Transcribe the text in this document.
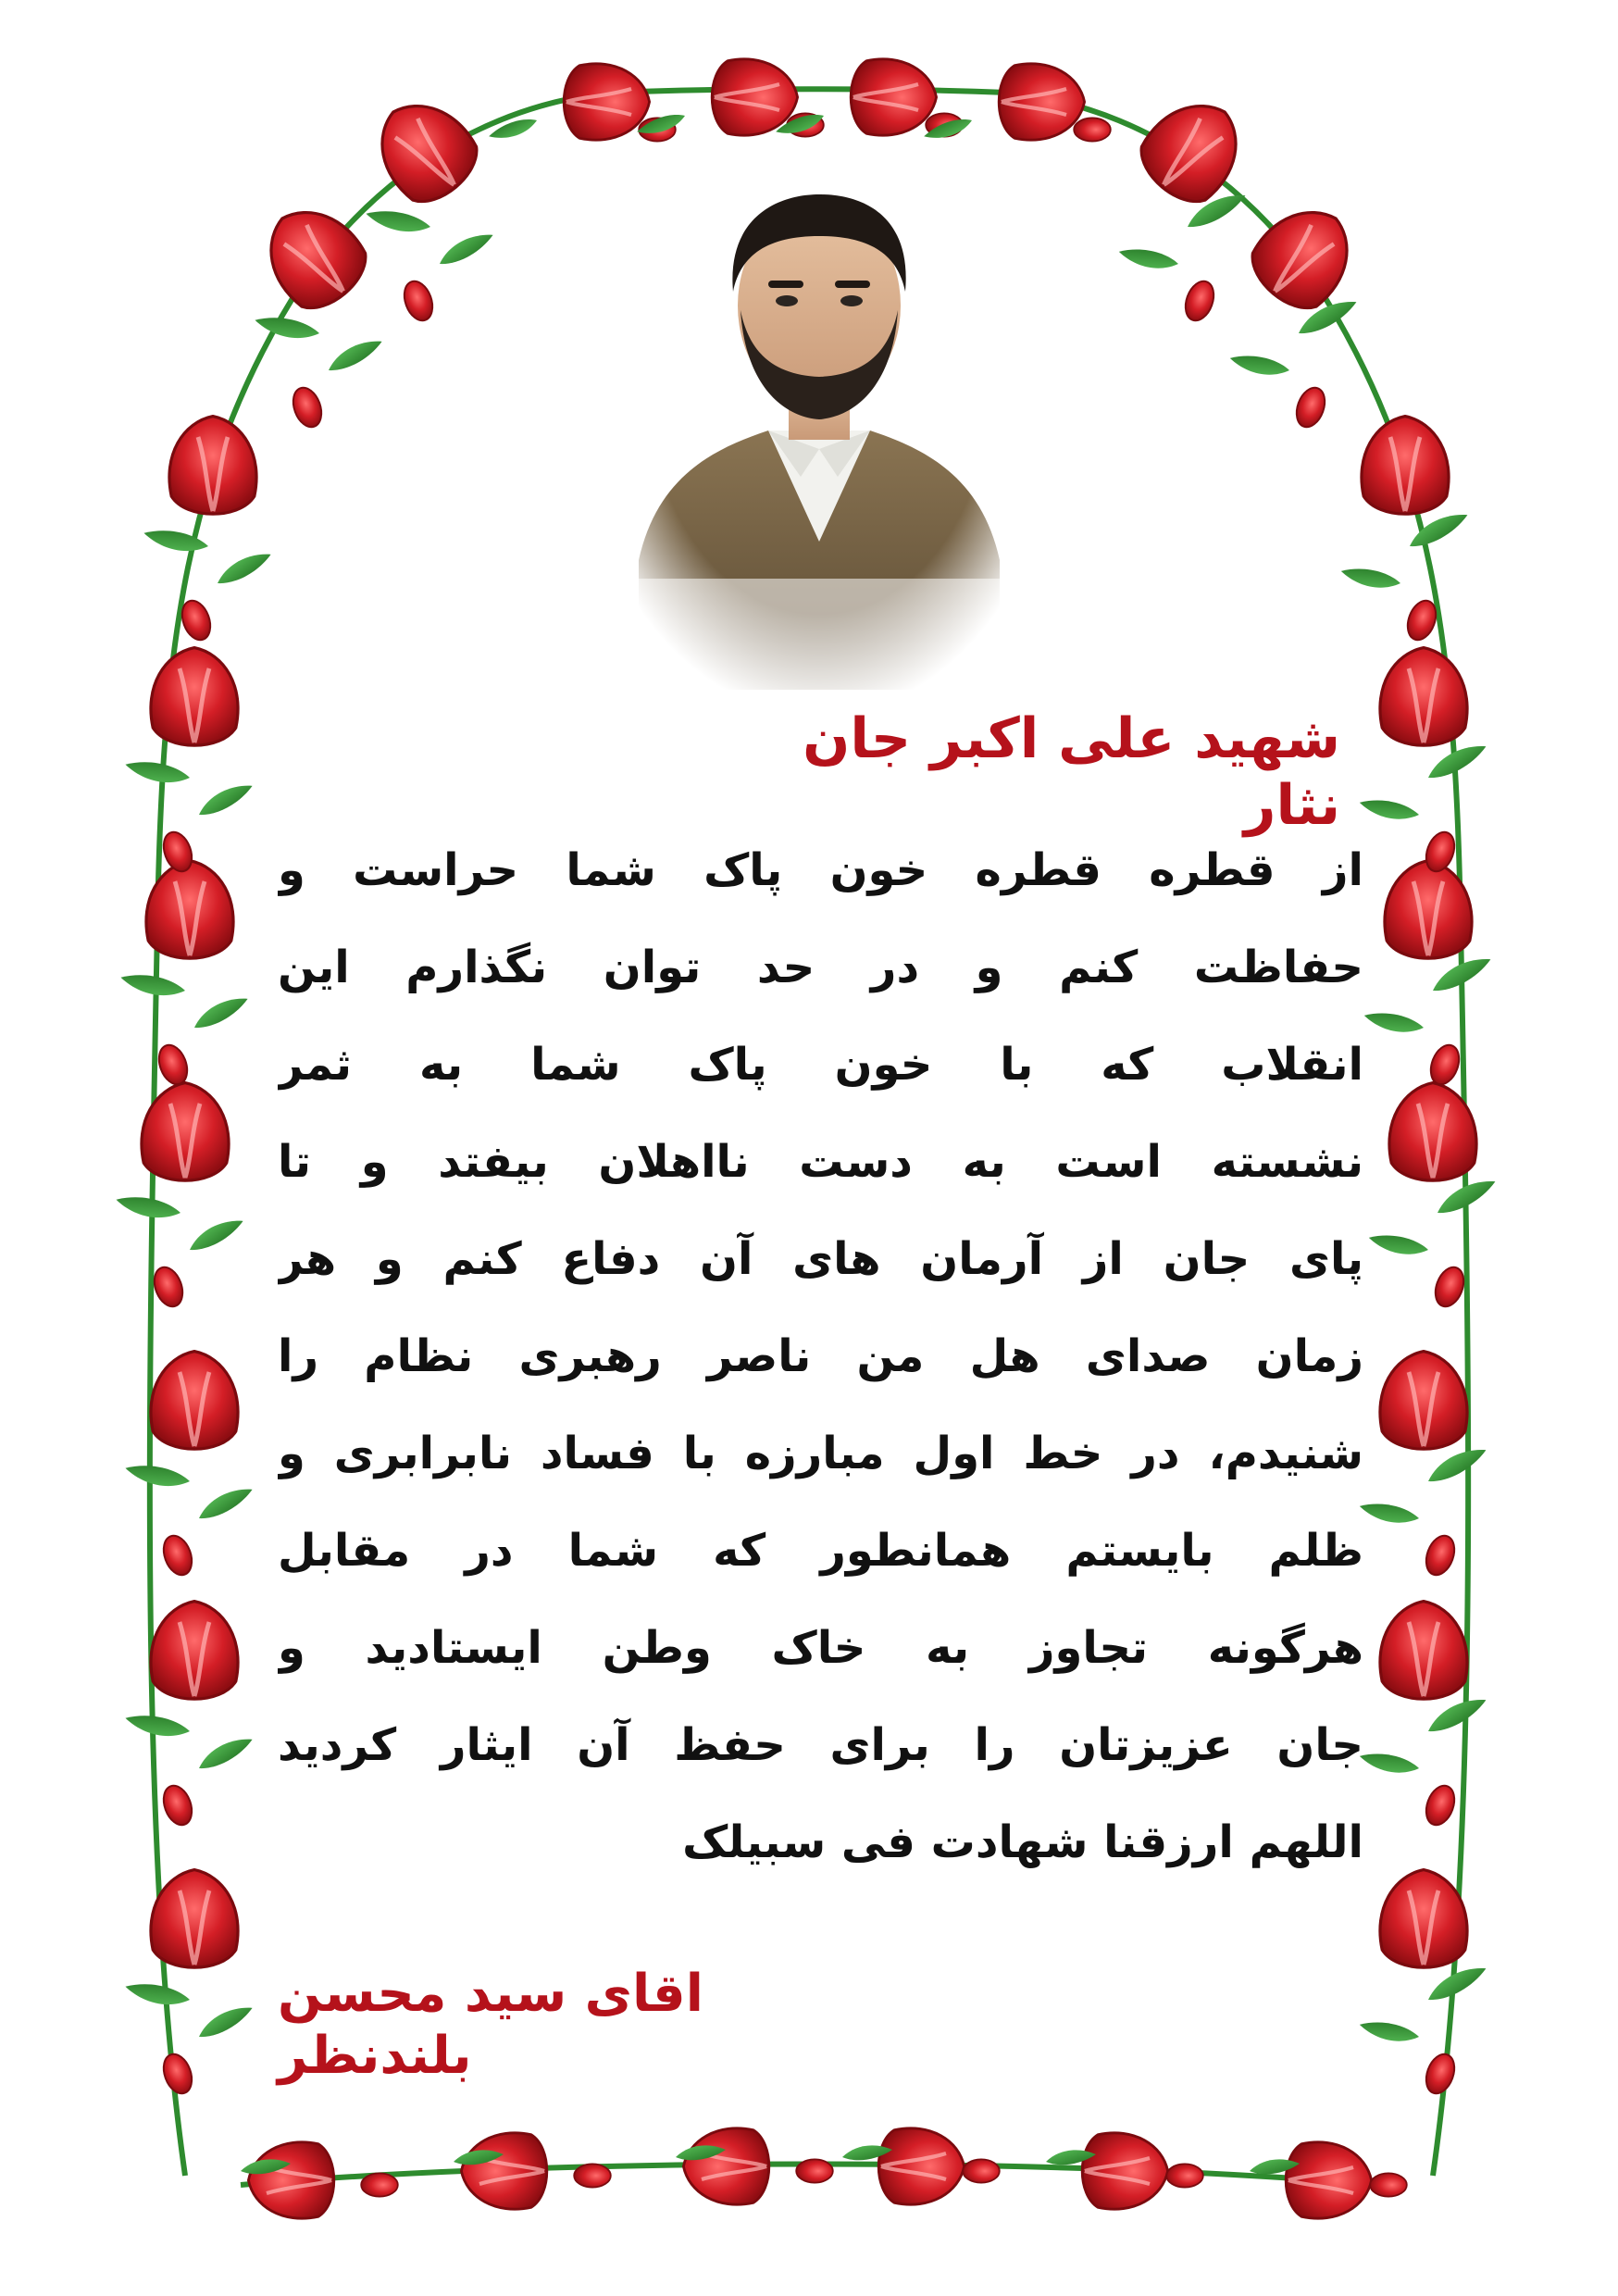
شهید علی اکبر جان نثار
از قطره قطره خون پاک شما حراست و
حفاظت کنم و در حد توان نگذارم این
انقلاب که با خون پاک شما به ثمر
نشسته است به دست نااهلان بیفتد و تا
پای جان از آرمان های آن دفاع کنم و هر
زمان صدای هل من ناصر رهبری نظام را
شنیدم، در خط اول مبارزه با فساد نابرابری و
ظلم بایستم همانطور که شما در مقابل
هرگونه تجاوز به خاک وطن ایستادید و
جان عزیزتان را برای حفظ آن ایثار کردید
اللهم ارزقنا شهادت فی سبیلک
اقای سید محسن بلندنظر
